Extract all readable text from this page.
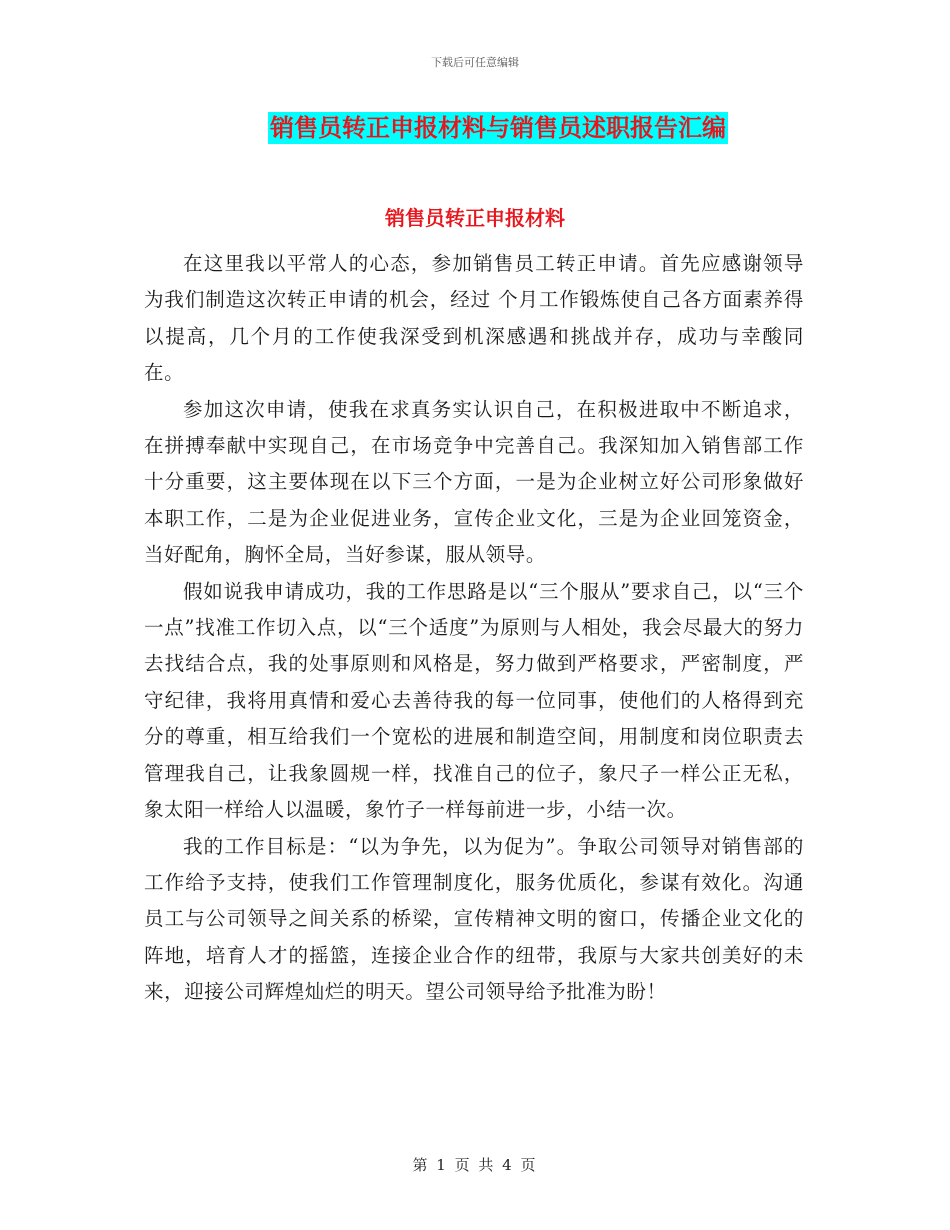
下载后可任意编辑
销售员转正申报材料与销售员述职报告汇编
销售员转正申报材料

在这里我以平常人的心态，参加销售员工转正申请。首先应感谢领导为我们制造这次转正申请的机会，经过 个月工作锻炼使自己各方面素养得以提高，几个月的工作使我深受到机深感遇和挑战并存，成功与幸酸同在。

参加这次申请，使我在求真务实认识自己，在积极进取中不断追求，在拼搏奉献中实现自己，在市场竞争中完善自己。我深知加入销售部工作十分重要，这主要体现在以下三个方面，一是为企业树立好公司形象做好本职工作，二是为企业促进业务，宣传企业文化，三是为企业回笼资金，当好配角，胸怀全局，当好参谋，服从领导。

假如说我申请成功，我的工作思路是以“三个服从”要求自己，以“三个一点”找准工作切入点，以“三个适度”为原则与人相处，我会尽最大的努力去找结合点，我的处事原则和风格是，努力做到严格要求，严密制度，严守纪律，我将用真情和爱心去善待我的每一位同事，使他们的人格得到充分的尊重，相互给我们一个宽松的进展和制造空间，用制度和岗位职责去管理我自己，让我象圆规一样，找准自己的位子，象尺子一样公正无私，象太阳一样给人以温暖，象竹子一样每前进一步，小结一次。

我的工作目标是：“以为争先，以为促为”。争取公司领导对销售部的工作给予支持，使我们工作管理制度化，服务优质化，参谋有效化。沟通员工与公司领导之间关系的桥梁，宣传精神文明的窗口，传播企业文化的阵地，培育人才的摇篮，连接企业合作的纽带，我原与大家共创美好的未来，迎接公司辉煌灿烂的明天。望公司领导给予批准为盼！

第 1 页 共 4 页
